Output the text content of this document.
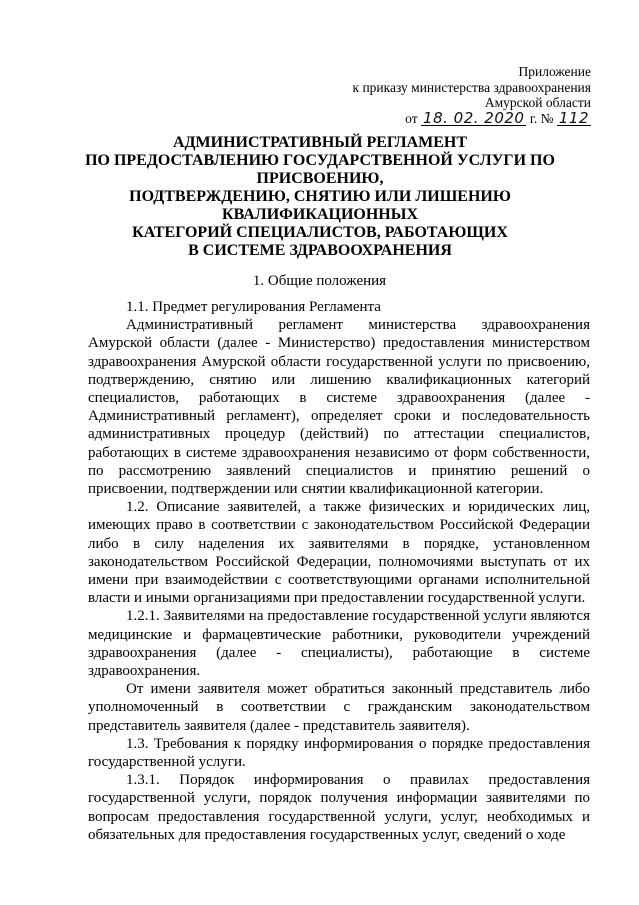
Приложение
к приказу министерства здравоохранения
Амурской области
от 18. 02. 2020 г. № 112
АДМИНИСТРАТИВНЫЙ РЕГЛАМЕНТ
ПО ПРЕДОСТАВЛЕНИЮ ГОСУДАРСТВЕННОЙ УСЛУГИ ПО
ПРИСВОЕНИЮ,
ПОДТВЕРЖДЕНИЮ, СНЯТИЮ ИЛИ ЛИШЕНИЮ
КВАЛИФИКАЦИОННЫХ
КАТЕГОРИЙ СПЕЦИАЛИСТОВ, РАБОТАЮЩИХ
В СИСТЕМЕ ЗДРАВООХРАНЕНИЯ
1. Общие положения

1.1. Предмет регулирования Регламента

Административный регламент министерства здравоохранения Амурской области (далее - Министерство) предоставления министерством здравоохранения Амурской области государственной услуги по присвоению, подтверждению, снятию или лишению квалификационных категорий специалистов, работающих в системе здравоохранения (далее - Административный регламент), определяет сроки и последовательность административных процедур (действий) по аттестации специалистов, работающих в системе здравоохранения независимо от форм собственности, по рассмотрению заявлений специалистов и принятию решений о присвоении, подтверждении или снятии квалификационной категории.

1.2. Описание заявителей, а также физических и юридических лиц, имеющих право в соответствии с законодательством Российской Федерации либо в силу наделения их заявителями в порядке, установленном законодательством Российской Федерации, полномочиями выступать от их имени при взаимодействии с соответствующими органами исполнительной власти и иными организациями при предоставлении государственной услуги.

1.2.1. Заявителями на предоставление государственной услуги являются медицинские и фармацевтические работники, руководители учреждений здравоохранения (далее - специалисты), работающие в системе здравоохранения.

От имени заявителя может обратиться законный представитель либо уполномоченный в соответствии с гражданским законодательством представитель заявителя (далее - представитель заявителя).

1.3. Требования к порядку информирования о порядке предоставления государственной услуги.

1.3.1. Порядок информирования о правилах предоставления государственной услуги, порядок получения информации заявителями по вопросам предоставления государственной услуги, услуг, необходимых и обязательных для предоставления государственных услуг, сведений о ходе
